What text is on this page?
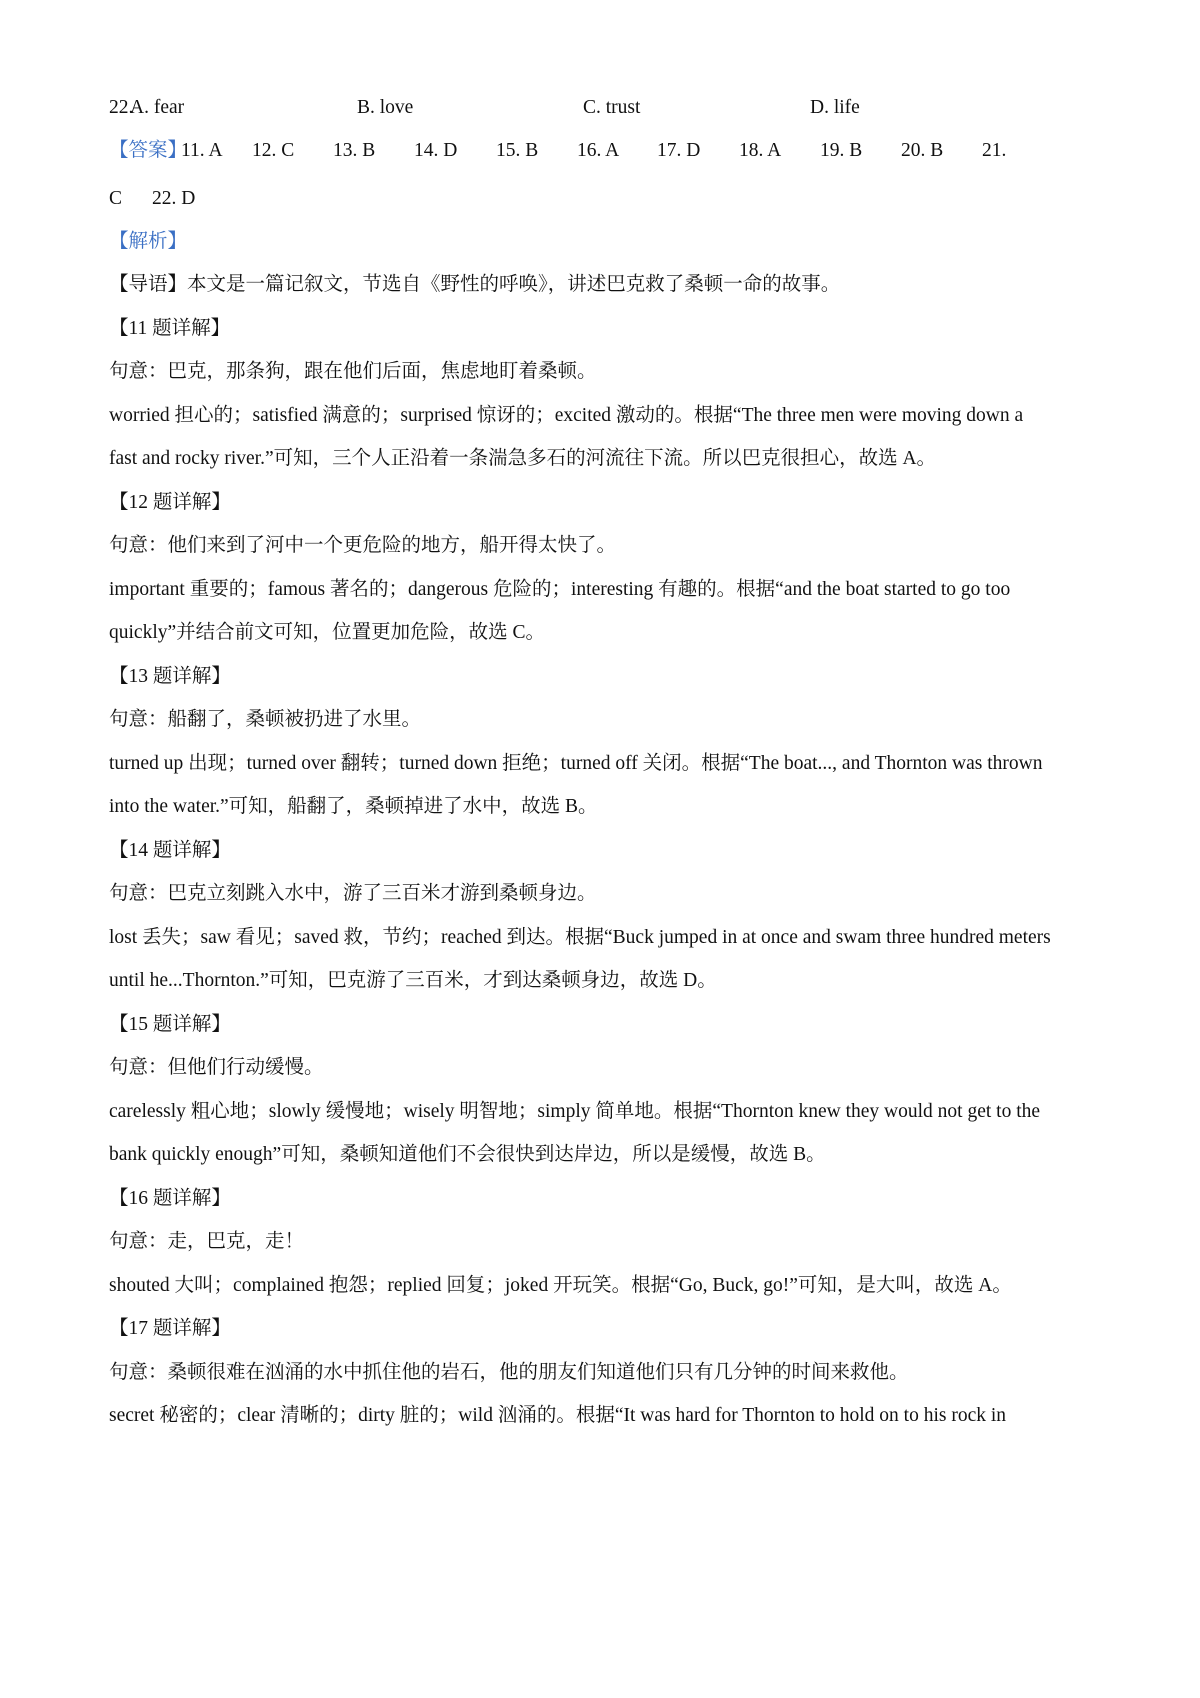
22.
A. fear	B. love	C. trust	D. life
【答案】
11. A 12. C 13. B 14. D 15. B 16. A 17. D 18. A 19. B 20. B 21.
C 22. D
【解析】
【导语】本文是一篇记叙文，节选自《野性的呼唤》，讲述巴克救了桑顿一命的故事。
【11 题详解】
句意：巴克，那条狗，跟在他们后面，焦虑地盯着桑顿。
worried 担心的；satisfied 满意的；surprised 惊讶的；excited 激动的。根据“The three men were moving down a
fast and rocky river.”可知，三个人正沿着一条湍急多石的河流往下流。所以巴克很担心，故选 A。
【12 题详解】
句意：他们来到了河中一个更危险的地方，船开得太快了。
important 重要的；famous 著名的；dangerous 危险的；interesting 有趣的。根据“and the boat started to go too
quickly”并结合前文可知，位置更加危险，故选 C。
【13 题详解】
句意：船翻了，桑顿被扔进了水里。
turned up 出现；turned over 翻转；turned down 拒绝；turned off 关闭。根据“The boat..., and Thornton was thrown
into the water.”可知，船翻了，桑顿掉进了水中，故选 B。
【14 题详解】
句意：巴克立刻跳入水中，游了三百米才游到桑顿身边。
lost 丢失；saw 看见；saved 救，节约；reached 到达。根据“Buck jumped in at once and swam three hundred meters
until he...Thornton.”可知，巴克游了三百米，才到达桑顿身边，故选 D。
【15 题详解】
句意：但他们行动缓慢。
carelessly 粗心地；slowly 缓慢地；wisely 明智地；simply 简单地。根据“Thornton knew they would not get to the
bank quickly enough”可知，桑顿知道他们不会很快到达岸边，所以是缓慢，故选 B。
【16 题详解】
句意：走，巴克，走！
shouted 大叫；complained 抱怨；replied 回复；joked 开玩笑。根据“Go, Buck, go!”可知，是大叫，故选 A。
【17 题详解】
句意：桑顿很难在汹涌的水中抓住他的岩石，他的朋友们知道他们只有几分钟的时间来救他。
secret 秘密的；clear 清晰的；dirty 脏的；wild 汹涌的。根据“It was hard for Thornton to hold on to his rock in
